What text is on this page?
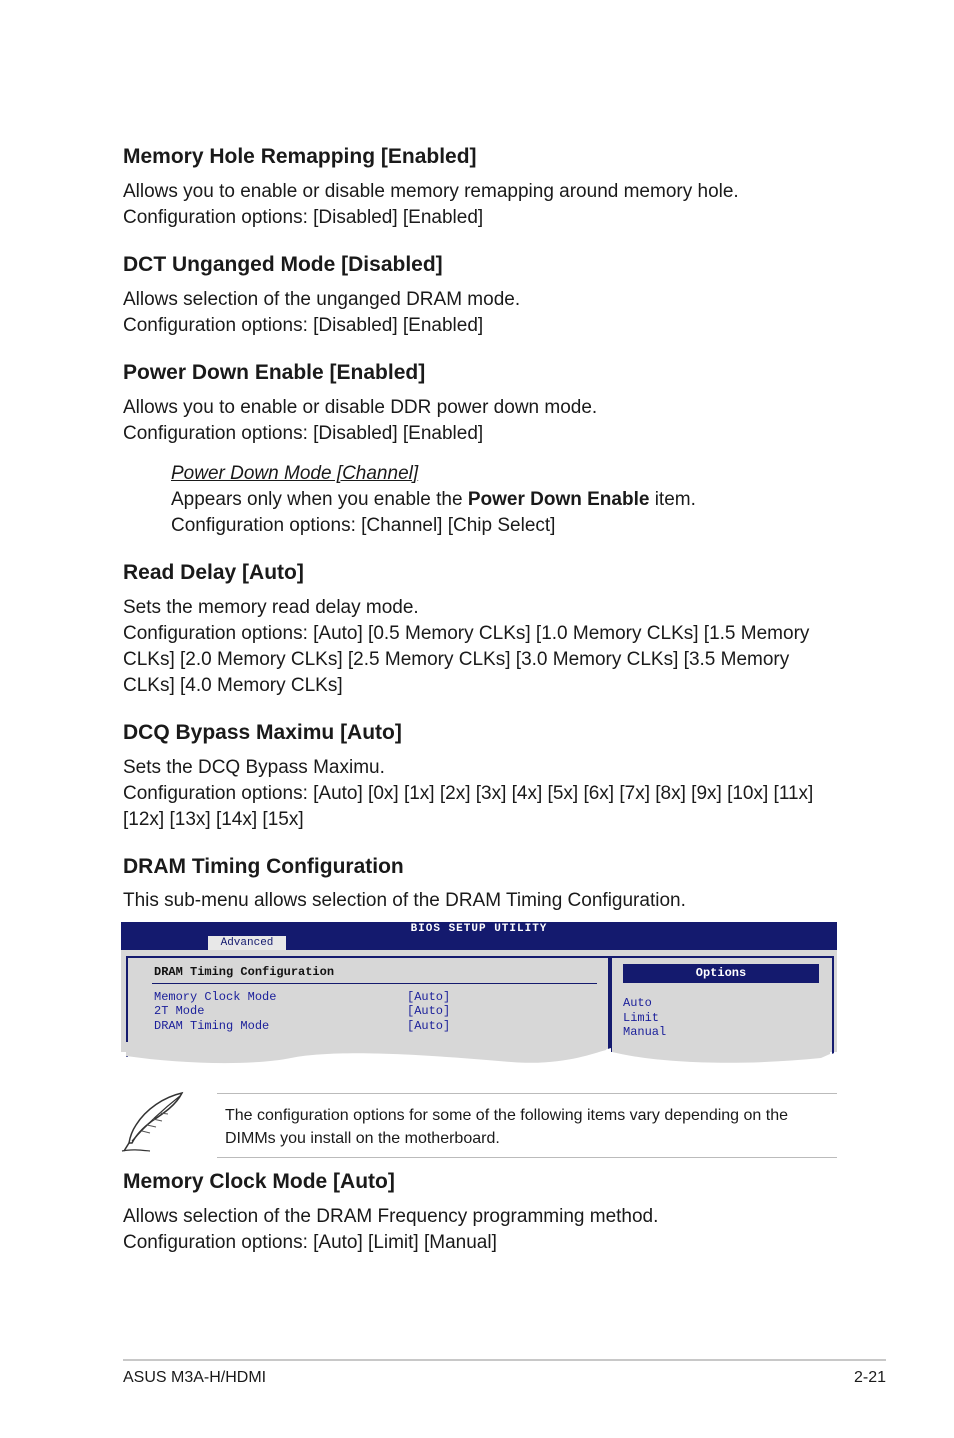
Memory Hole Remapping [Enabled]

Allows you to enable or disable memory remapping around memory hole.

Configuration options: [Disabled] [Enabled]

DCT Unganged Mode [Disabled]

Allows selection of the unganged DRAM mode.

Configuration options: [Disabled] [Enabled]

Power Down Enable [Enabled]

Allows you to enable or disable DDR power down mode.

Configuration options: [Disabled] [Enabled]

Power Down Mode [Channel]

Appears only when you enable the Power Down Enable item.

Configuration options: [Channel] [Chip Select]

Read Delay [Auto]

Sets the memory read delay mode.

Configuration options: [Auto] [0.5 Memory CLKs] [1.0 Memory CLKs] [1.5 Memory

CLKs] [2.0 Memory CLKs] [2.5 Memory CLKs] [3.0 Memory CLKs] [3.5 Memory

CLKs] [4.0 Memory CLKs]

DCQ Bypass Maximu [Auto]

Sets the DCQ Bypass Maximu.

Configuration options: [Auto] [0x] [1x] [2x] [3x] [4x] [5x] [6x] [7x] [8x] [9x] [10x] [11x]

[12x] [13x] [14x] [15x]

DRAM Timing Configuration

This sub-menu allows selection of the DRAM Timing Configuration.

BIOS SETUP UTILITY
Advanced
DRAM Timing Configuration
Memory Clock Mode	[Auto]
2T Mode	[Auto]
DRAM Timing Mode	[Auto]
Options
Auto
Limit
Manual
The configuration options for some of the following items vary depending on the
DIMMs you install on the motherboard.
Memory Clock Mode [Auto]

Allows selection of the DRAM Frequency programming method.

Configuration options: [Auto] [Limit] [Manual]

ASUS M3A-H/HDMI	2-21
